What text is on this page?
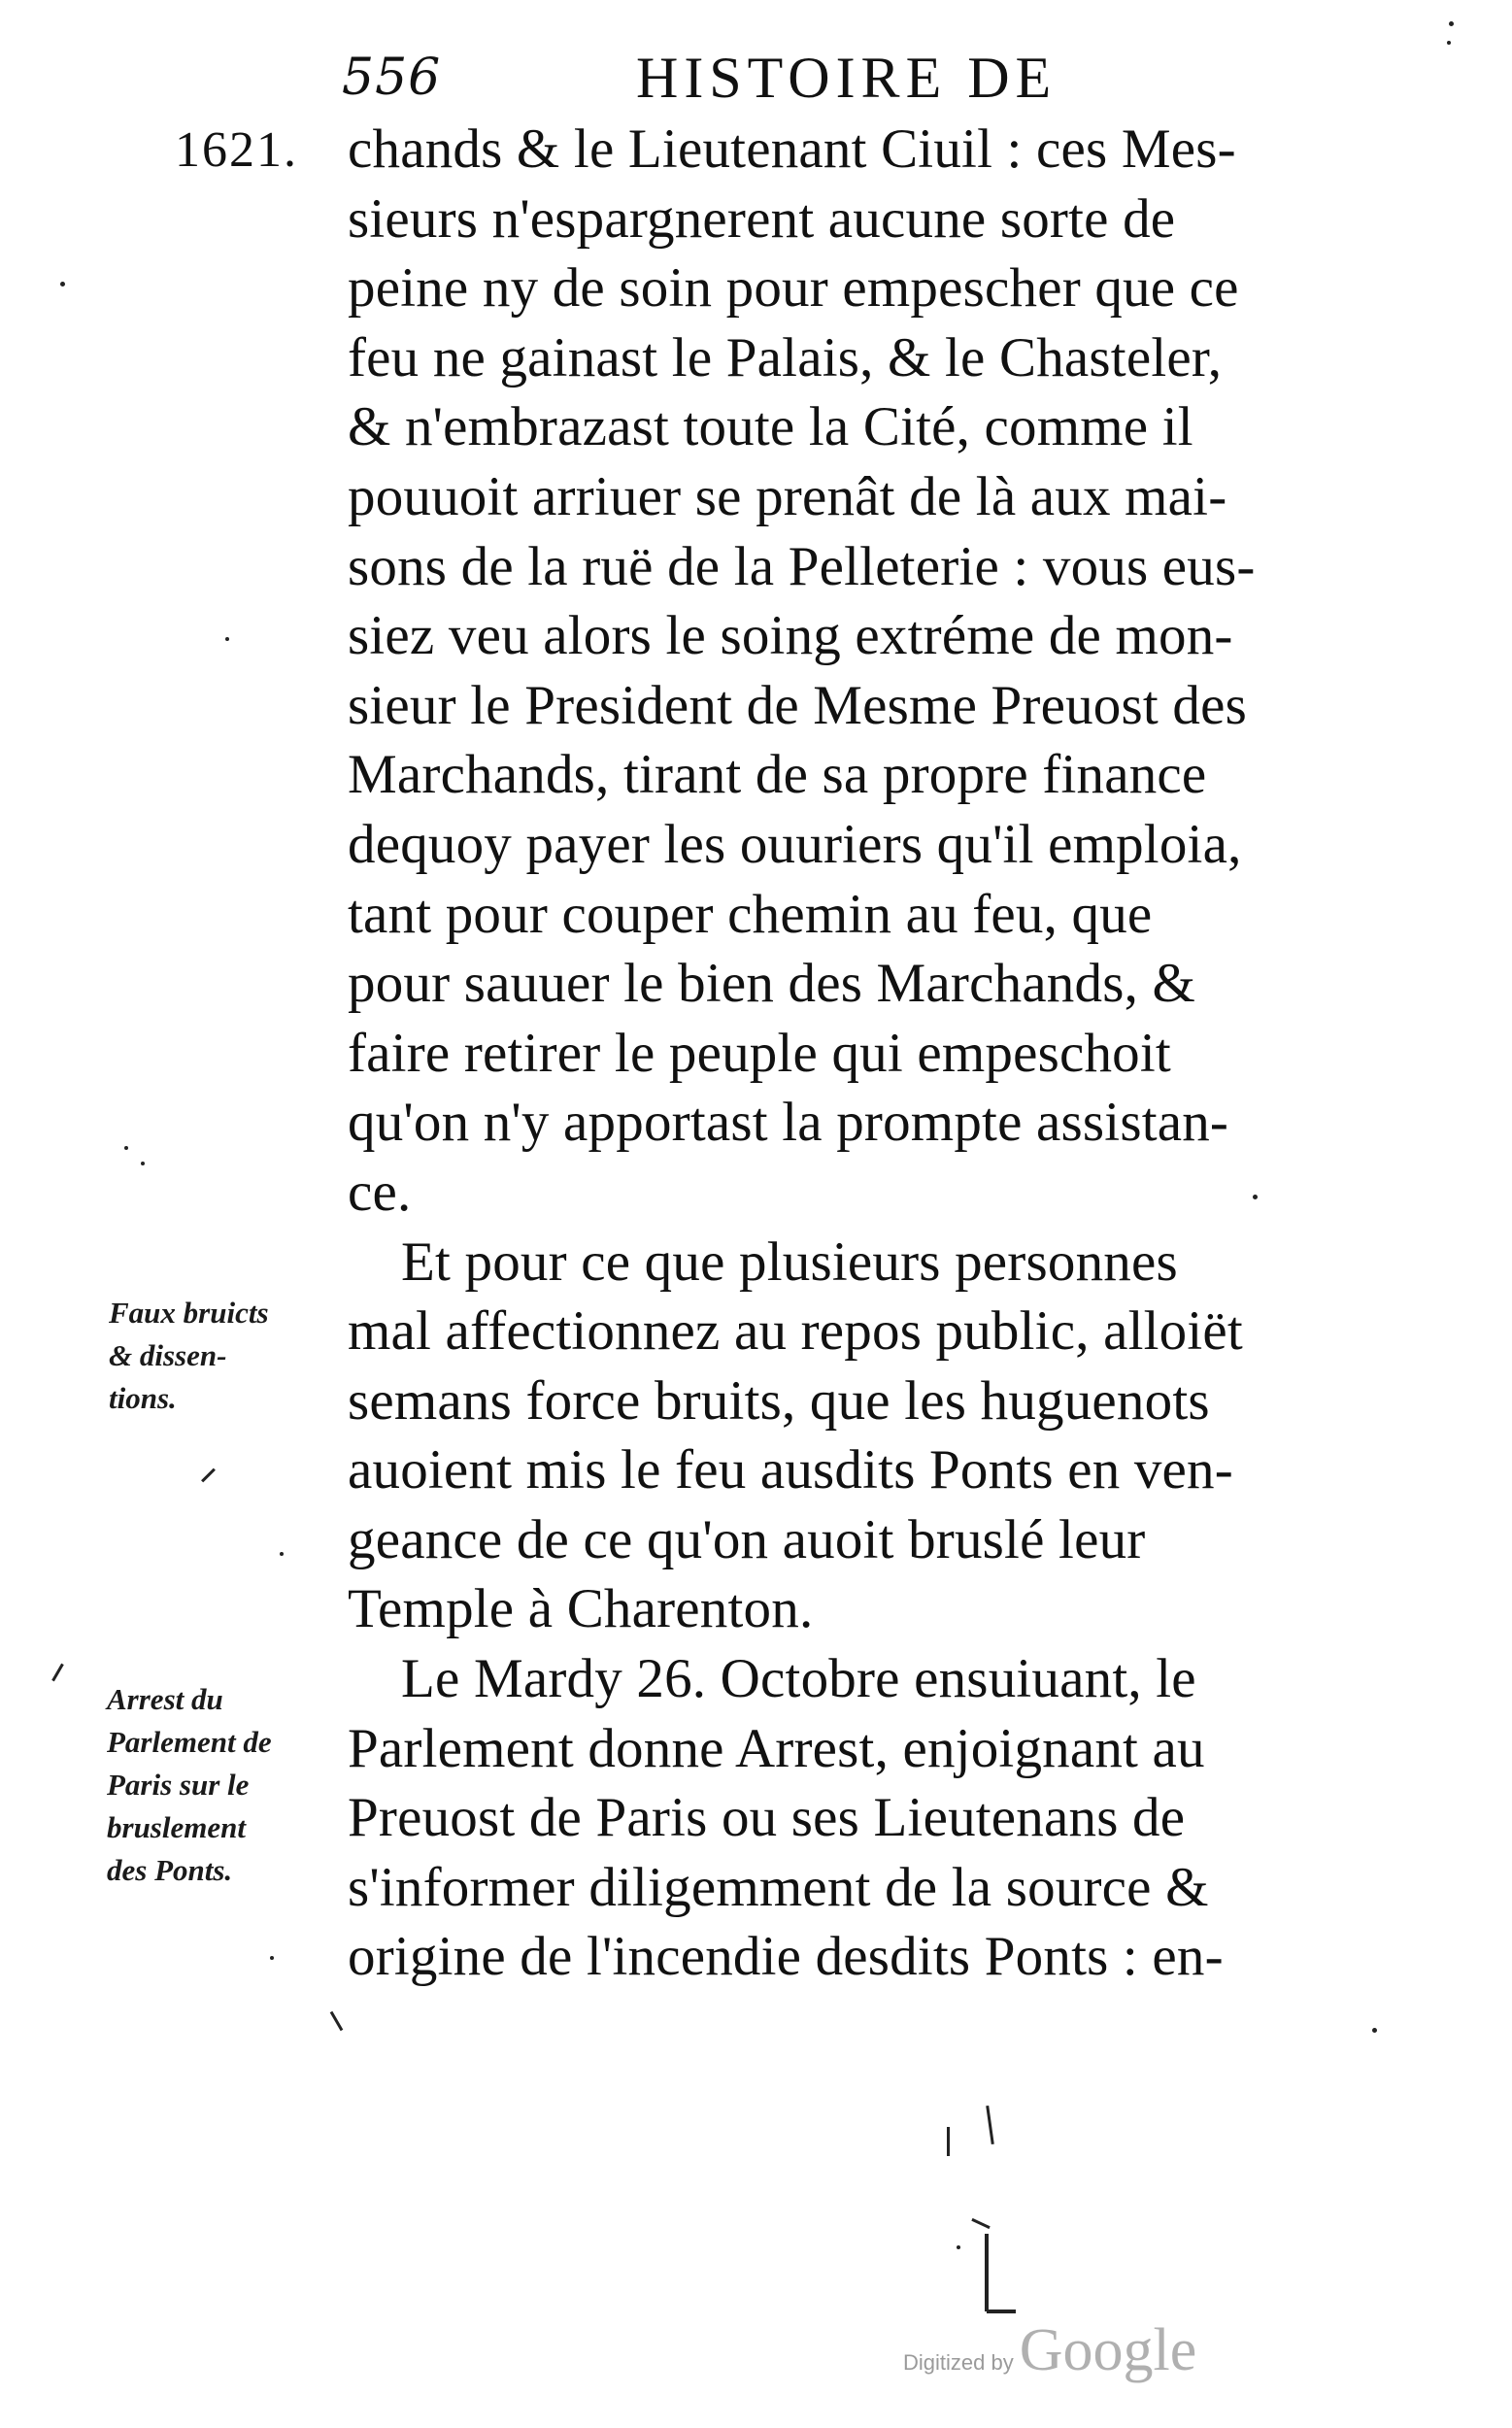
556	HISTOIRE DE
1621. chands & le Lieutenant Ciuil : ces Mes-
sieurs n'espargnerent aucune sorte de
peine ny de soin pour empescher que ce
feu ne gainast le Palais, & le Chasteler,
& n'embrazast toute la Cité, comme il
pouuoit arriuer se prenât de là aux mai-
sons de la ruë de la Pelleterie : vous eus-
siez veu alors le soing extréme de mon-
sieur le President de Mesme Preuost des
Marchands, tirant de sa propre finance
dequoy payer les ouuriers qu'il emploia,
tant pour couper chemin au feu, que
pour sauuer le bien des Marchands, &
faire retirer le peuple qui empeschoit
qu'on n'y apportast la prompte assistan-
ce.
Et pour ce que plusieurs personnes
mal affectionnez au repos public, alloiët
semans force bruits, que les huguenots
auoient mis le feu ausdits Ponts en ven-
geance de ce qu'on auoit bruslé leur
Temple à Charenton.
Le Mardy 26. Octobre ensuiuant, le
Parlement donne Arrest, enjoignant au
Preuost de Paris ou ses Lieutenans de
s'informer diligemment de la source &
origine de l'incendie desdits Ponts : en-
Faux bruicts
& dissen-
tions.
Arrest du
Parlement de
Paris sur le
bruslement
des Ponts.
Digitized by Google
